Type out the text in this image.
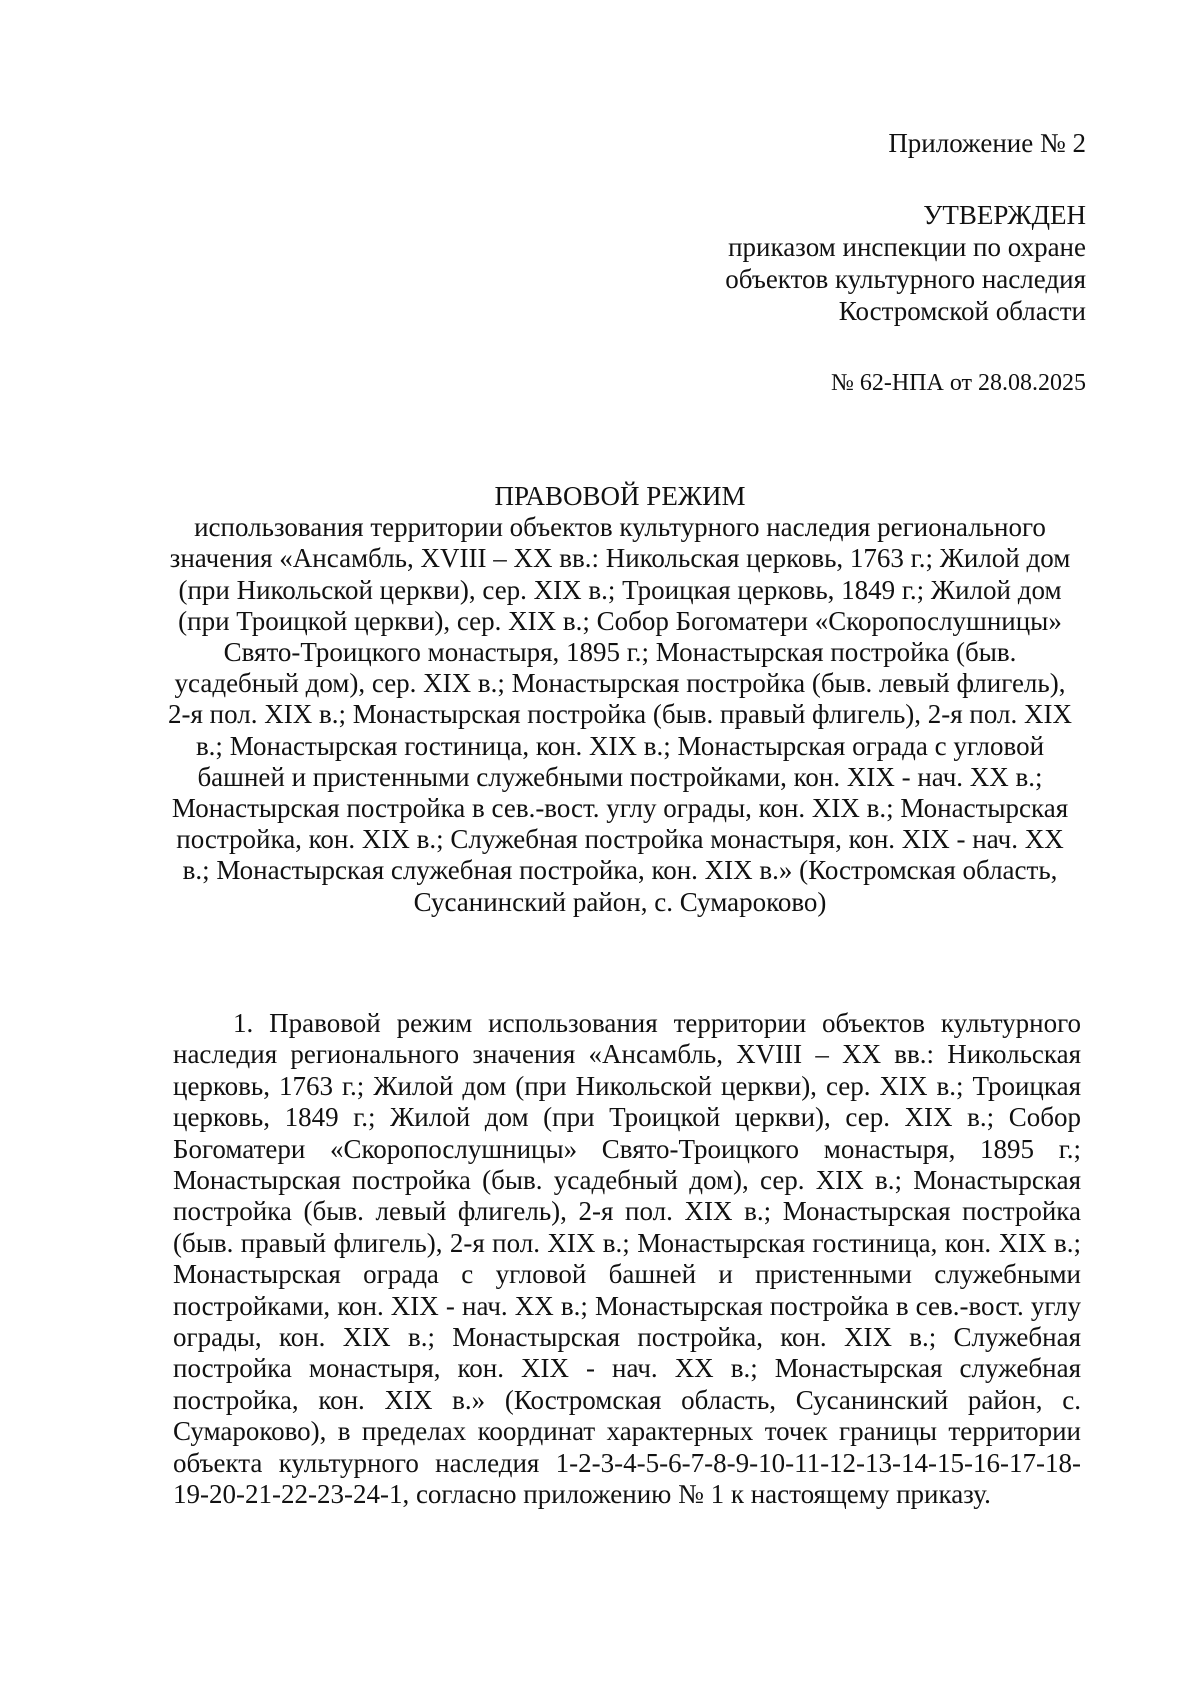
Приложение № 2
УТВЕРЖДЕН
приказом инспекции по охране
объектов культурного наследия
Костромской области
№ 62-НПА от 28.08.2025
ПРАВОВОЙ РЕЖИМ
использования территории объектов культурного наследия регионального значения «Ансамбль, XVIII – XX вв.: Никольская церковь, 1763 г.; Жилой дом (при Никольской церкви), сер. XIX в.; Троицкая церковь, 1849 г.; Жилой дом (при Троицкой церкви), сер. XIX в.; Собор Богоматери «Скоропослушницы» Свято-Троицкого монастыря, 1895 г.; Монастырская постройка (быв. усадебный дом), сер. XIX в.; Монастырская постройка (быв. левый флигель), 2-я пол. XIX в.; Монастырская постройка (быв. правый флигель), 2-я пол. XIX в.; Монастырская гостиница, кон. XIX в.; Монастырская ограда с угловой башней и пристенными служебными постройками, кон. XIX - нач. XX в.; Монастырская постройка в сев.-вост. углу ограды, кон. XIX в.; Монастырская постройка, кон. XIX в.; Служебная постройка монастыря, кон. XIX - нач. XX в.; Монастырская служебная постройка, кон. XIX в.» (Костромская область, Сусанинский район, с. Сумароково)

1. Правовой режим использования территории объектов культурного наследия регионального значения «Ансамбль, XVIII – XX вв.: Никольская церковь, 1763 г.; Жилой дом (при Никольской церкви), сер. XIX в.; Троицкая церковь, 1849 г.; Жилой дом (при Троицкой церкви), сер. XIX в.; Собор Богоматери «Скоропослушницы» Свято-Троицкого монастыря, 1895 г.; Монастырская постройка (быв. усадебный дом), сер. XIX в.; Монастырская постройка (быв. левый флигель), 2-я пол. XIX в.; Монастырская постройка (быв. правый флигель), 2-я пол. XIX в.; Монастырская гостиница, кон. XIX в.; Монастырская ограда с угловой башней и пристенными служебными постройками, кон. XIX - нач. XX в.; Монастырская постройка в сев.-вост. углу ограды, кон. XIX в.; Монастырская постройка, кон. XIX в.; Служебная постройка монастыря, кон. XIX - нач. XX в.; Монастырская служебная постройка, кон. XIX в.» (Костромская область, Сусанинский район, с. Сумароково), в пределах координат характерных точек границы территории объекта культурного наследия 1-2-3-4-5-6-7-8-9-10-11-12-13-14-15-16-17-18-19-20-21-22-23-24-1, согласно приложению № 1 к настоящему приказу.
